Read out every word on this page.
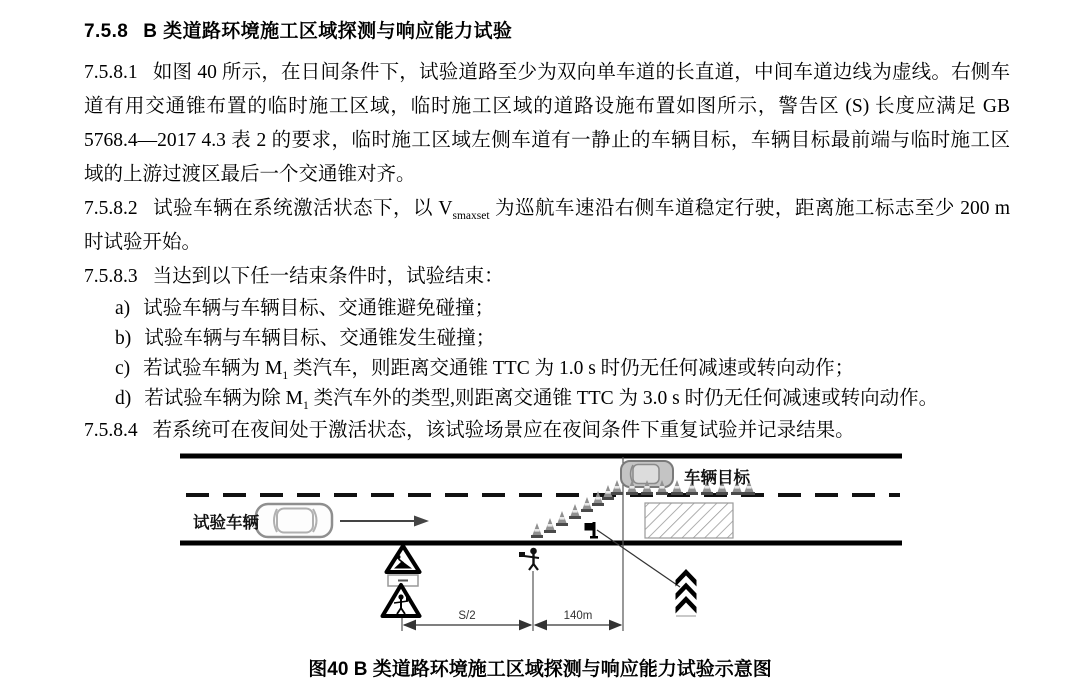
7.5.8 B 类道路环境施工区域探测与响应能力试验

7.5.8.1 如图 40 所示，在日间条件下，试验道路至少为双向单车道的长直道，中间车道边线为虚线。右侧车道有用交通锥布置的临时施工区域，临时施工区域的道路设施布置如图所示，警告区 (S) 长度应满足 GB 5768.4—2017 4.3 表 2 的要求，临时施工区域左侧车道有一静止的车辆目标，车辆目标最前端与临时施工区域的上游过渡区最后一个交通锥对齐。

7.5.8.2 试验车辆在系统激活状态下，以 $V_{smaxset}$ 为巡航车速沿右侧车道稳定行驶，距离施工标志至少 200 m 时试验开始。

7.5.8.3 当达到以下任一结束条件时，试验结束：

a) 试验车辆与车辆目标、交通锥避免碰撞；
b) 试验车辆与车辆目标、交通锥发生碰撞；
c) 若试验车辆为 $M_1$ 类汽车，则距离交通锥 TTC 为 1.0 s 时仍无任何减速或转向动作；
d) 若试验车辆为除 $M_1$ 类汽车外的类型,则距离交通锥 TTC 为 3.0 s 时仍无任何减速或转向动作。

7.5.8.4 若系统可在夜间处于激活状态，该试验场景应在夜间条件下重复试验并记录结果。

S/2	140m
试验车辆
车辆目标
图40 B 类道路环境施工区域探测与响应能力试验示意图
